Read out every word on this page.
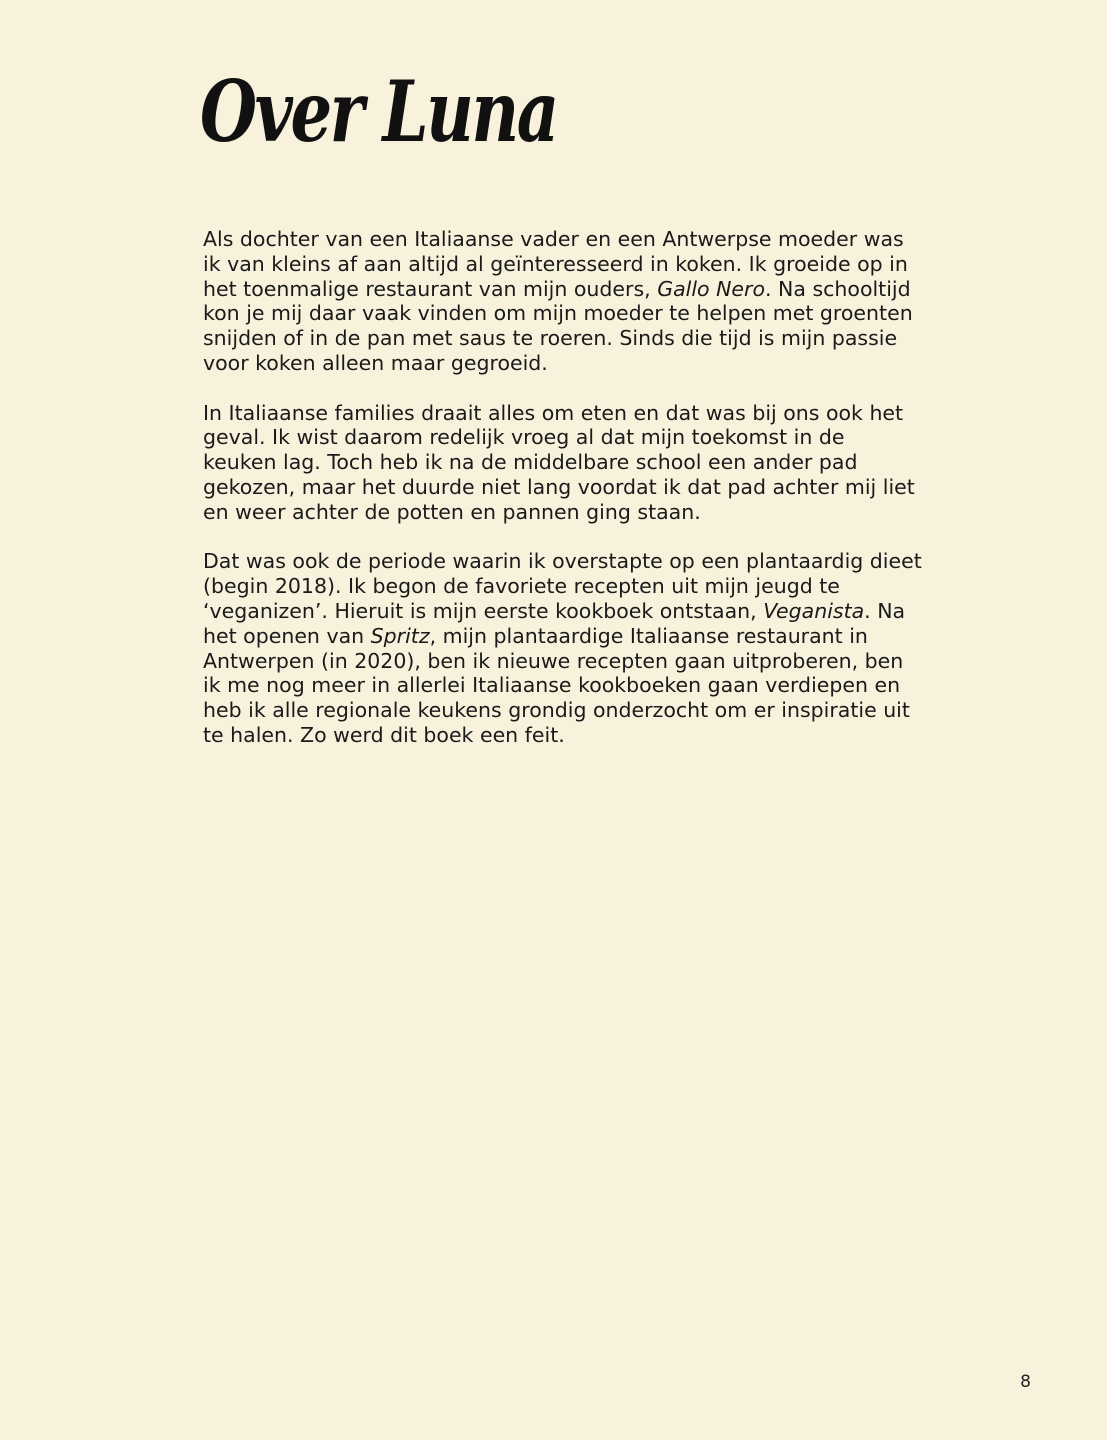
Over Luna

Als dochter van een Italiaanse vader en een Antwerpse moeder was ik van kleins af aan altijd al geïnteresseerd in koken. Ik groeide op in het toenmalige restaurant van mijn ouders, Gallo Nero. Na schooltijd kon je mij daar vaak vinden om mijn moeder te helpen met groenten snijden of in de pan met saus te roeren. Sinds die tijd is mijn passie voor koken alleen maar gegroeid.

In Italiaanse families draait alles om eten en dat was bij ons ook het geval. Ik wist daarom redelijk vroeg al dat mijn toekomst in de keuken lag. Toch heb ik na de middelbare school een ander pad gekozen, maar het duurde niet lang voordat ik dat pad achter mij liet en weer achter de potten en pannen ging staan.

Dat was ook de periode waarin ik overstapte op een plantaardig dieet (begin 2018). Ik begon de favoriete recepten uit mijn jeugd te ‘veganizen’. Hieruit is mijn eerste kookboek ontstaan, Veganista. Na het openen van Spritz, mijn plantaardige Italiaanse restaurant in Antwerpen (in 2020), ben ik nieuwe recepten gaan uitproberen, ben ik me nog meer in allerlei Italiaanse kookboeken gaan verdiepen en heb ik alle regionale keukens grondig onderzocht om er inspiratie uit te halen. Zo werd dit boek een feit.

8
